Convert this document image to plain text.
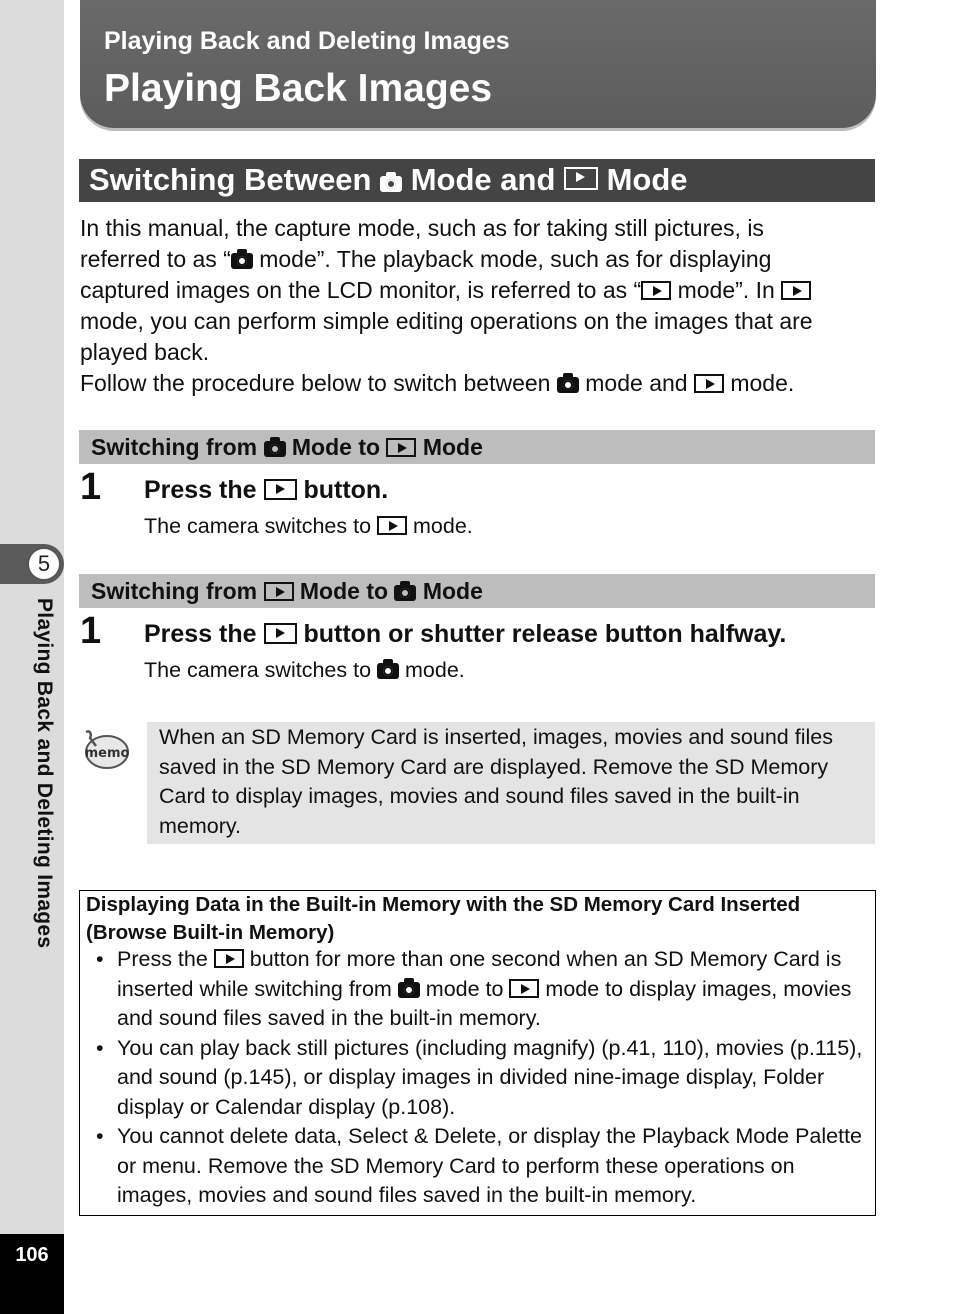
5
Playing Back and Deleting Images
106
Playing Back and Deleting Images
Playing Back Images
Switching Between  Mode and  Mode
In this manual, the capture mode, such as for taking still pictures, is
referred to as “ mode”. The playback mode, such as for displaying
captured images on the LCD monitor, is referred to as “ mode”. In
mode, you can perform simple editing operations on the images that are
played back.
Follow the procedure below to switch between  mode and  mode.
Switching from  Mode to  Mode
1 Press the  button.
The camera switches to  mode.
Switching from  Mode to  Mode
1 Press the  button or shutter release button halfway.
The camera switches to  mode.
memo
When an SD Memory Card is inserted, images, movies and sound files saved in the SD Memory Card are displayed. Remove the SD Memory Card to display images, movies and sound files saved in the built-in memory.
Displaying Data in the Built-in Memory with the SD Memory Card Inserted (Browse Built-in Memory)
• Press the  button for more than one second when an SD Memory Card is inserted while switching from  mode to  mode to display images, movies and sound files saved in the built-in memory.
• You can play back still pictures (including magnify) (p.41, 110), movies (p.115), and sound (p.145), or display images in divided nine-image display, Folder display or Calendar display (p.108).
• You cannot delete data, Select & Delete, or display the Playback Mode Palette or menu. Remove the SD Memory Card to perform these operations on images, movies and sound files saved in the built-in memory.
